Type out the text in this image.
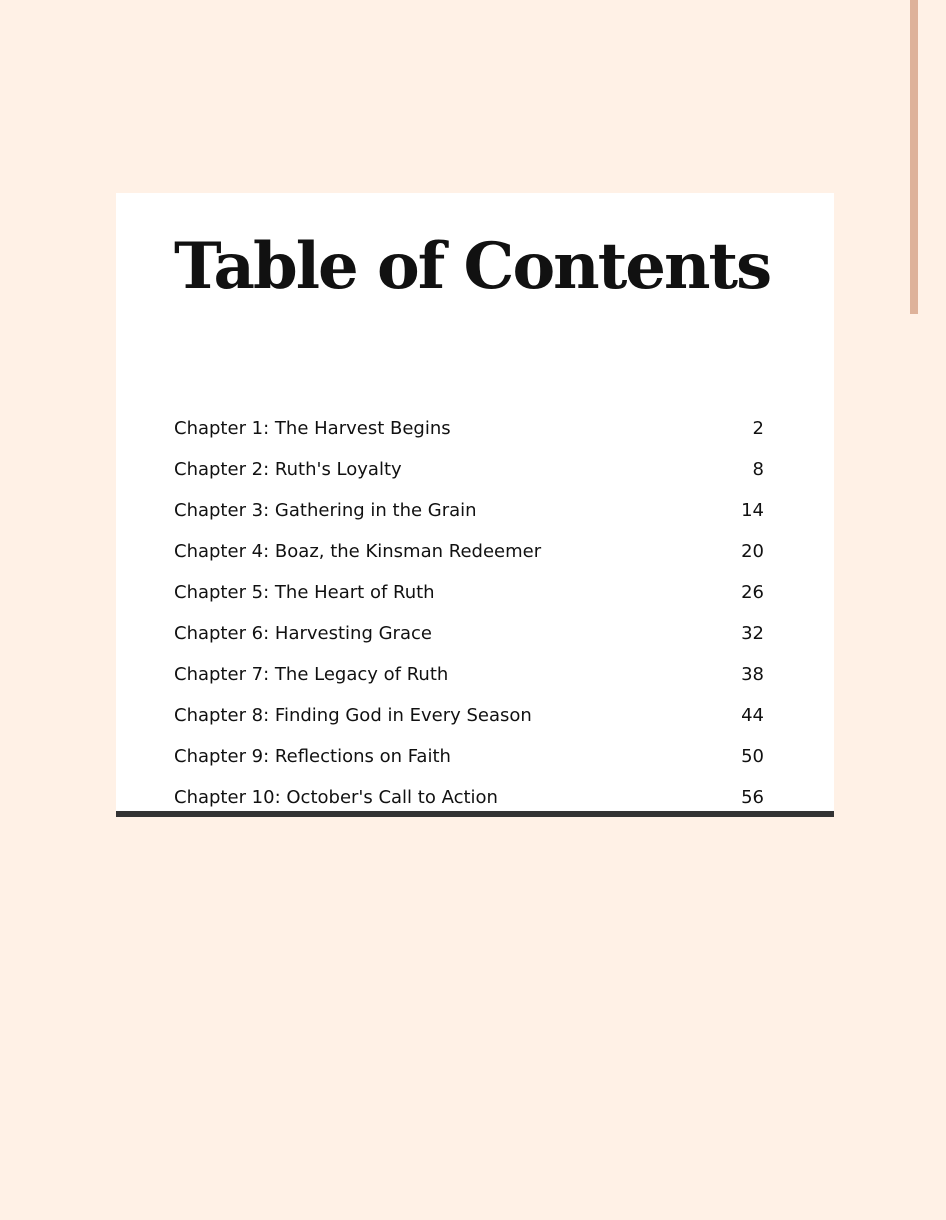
Table of Contents
Chapter 1: The Harvest Begins	2
Chapter 2: Ruth's Loyalty	8
Chapter 3: Gathering in the Grain	14
Chapter 4: Boaz, the Kinsman Redeemer	20
Chapter 5: The Heart of Ruth	26
Chapter 6: Harvesting Grace	32
Chapter 7: The Legacy of Ruth	38
Chapter 8: Finding God in Every Season	44
Chapter 9: Reflections on Faith	50
Chapter 10: October's Call to Action	56
